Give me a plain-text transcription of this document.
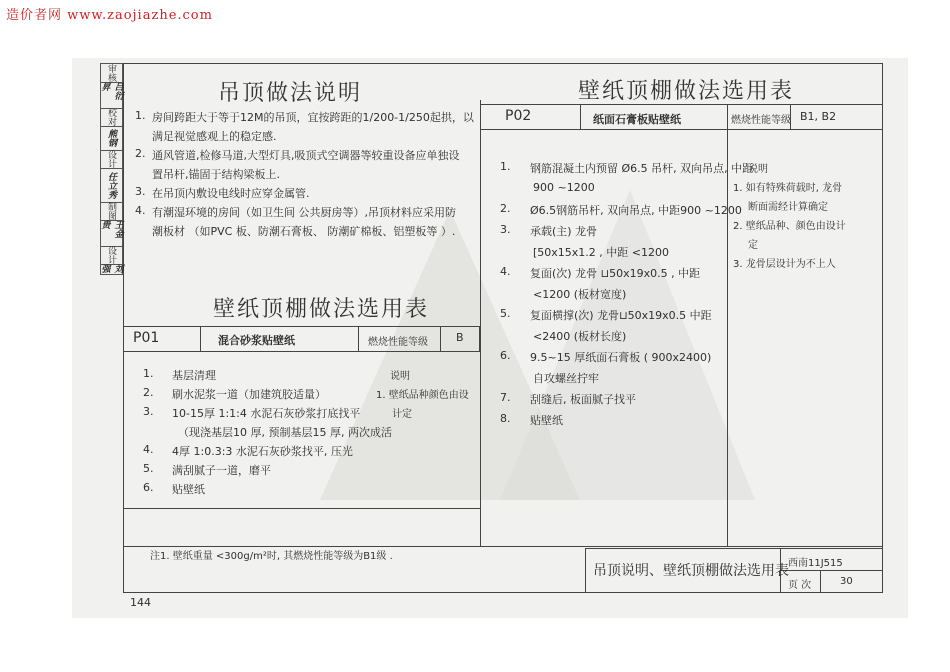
造价者网 www.zaojiazhe.com
审核
吕衍昇
校对
熊钢
设计
任立秀
制图
王金贵
设计
刘强
吊顶做法说明
1. 房间跨距大于等于12M的吊顶，宜按跨距的1/200-1/250起拱，以
满足视觉感观上的稳定感.
2. 通风管道,检修马道,大型灯具,吸顶式空调器等较重设备应单独设
置吊杆,锚固于结构梁板上.
3. 在吊顶内敷设电线时应穿金属管.
4. 有潮湿环境的房间（如卫生间 公共厨房等）,吊顶材料应采用防
潮板材 （如PVC 板、防潮石膏板、 防潮矿棉板、铝塑板等 ）.
壁纸顶棚做法选用表
P01	混合砂浆贴壁纸	燃烧性能等级	B
1. 基层清理
2. 刷水泥浆一道（加建筑胶适量）
3. 10-15厚 1:1:4 水泥石灰砂浆打底找平
（现浇基层10 厚, 预制基层15 厚, 两次成活
4. 4厚 1:0.3:3 水泥石灰砂浆找平, 压光
5. 满刮腻子一道，磨平
6. 贴壁纸
说明
1. 壁纸品种颜色由设
计定
壁纸顶棚做法选用表
P02	纸面石膏板贴壁纸	燃烧性能等级 B1, B2
1. 钢筋混凝土内预留 Ø6.5 吊杆, 双向吊点, 中距
900 ~1200
2. Ø6.5钢筋吊杆, 双向吊点, 中距900 ~1200
3. 承载(主) 龙骨
[50x15x1.2 , 中距 <1200
4. 复面(次) 龙骨 ⊔50x19x0.5 , 中距
<1200 (板材宽度)
5. 复面横撑(次) 龙骨⊔50x19x0.5 中距
<2400 (板材长度)
6. 9.5~15 厚纸面石膏板 ( 900x2400)
自攻螺丝拧牢
7. 刮缝后, 板面腻子找平
8. 贴壁纸
说明
1. 如有特殊荷载时, 龙骨
断面需经计算确定
2. 壁纸品种、颜色由设计
定
3. 龙骨层设计为不上人
注1. 壁纸重量 <300g/m²时, 其燃烧性能等级为B1级 .
吊顶说明、壁纸顶棚做法选用表 西南11J515
页 次	30
144
